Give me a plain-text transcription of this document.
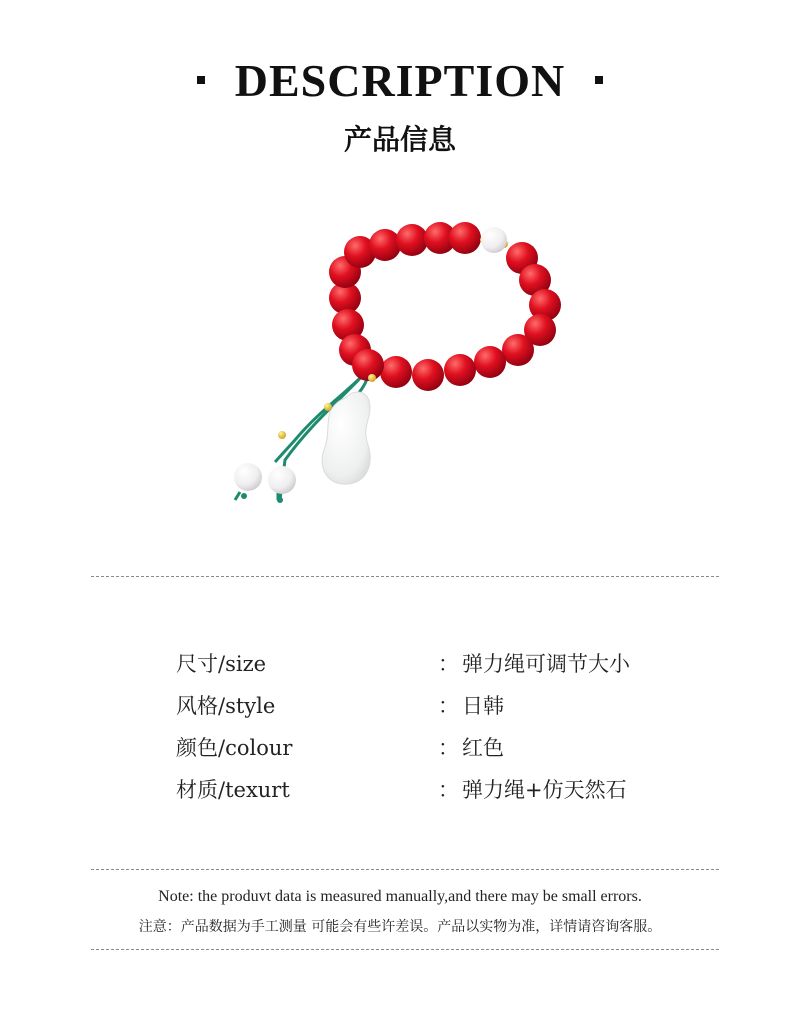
DESCRIPTION
产品信息
尺寸/size	： 弹力绳可调节大小
风格/style	： 日韩
颜色/colour	： 红色
材质/texurt	： 弹力绳+仿天然石
Note: the produvt data is measured manually,and there may be small errors.
注意：产品数据为手工测量 可能会有些许差误。产品以实物为准，详情请咨询客服。
